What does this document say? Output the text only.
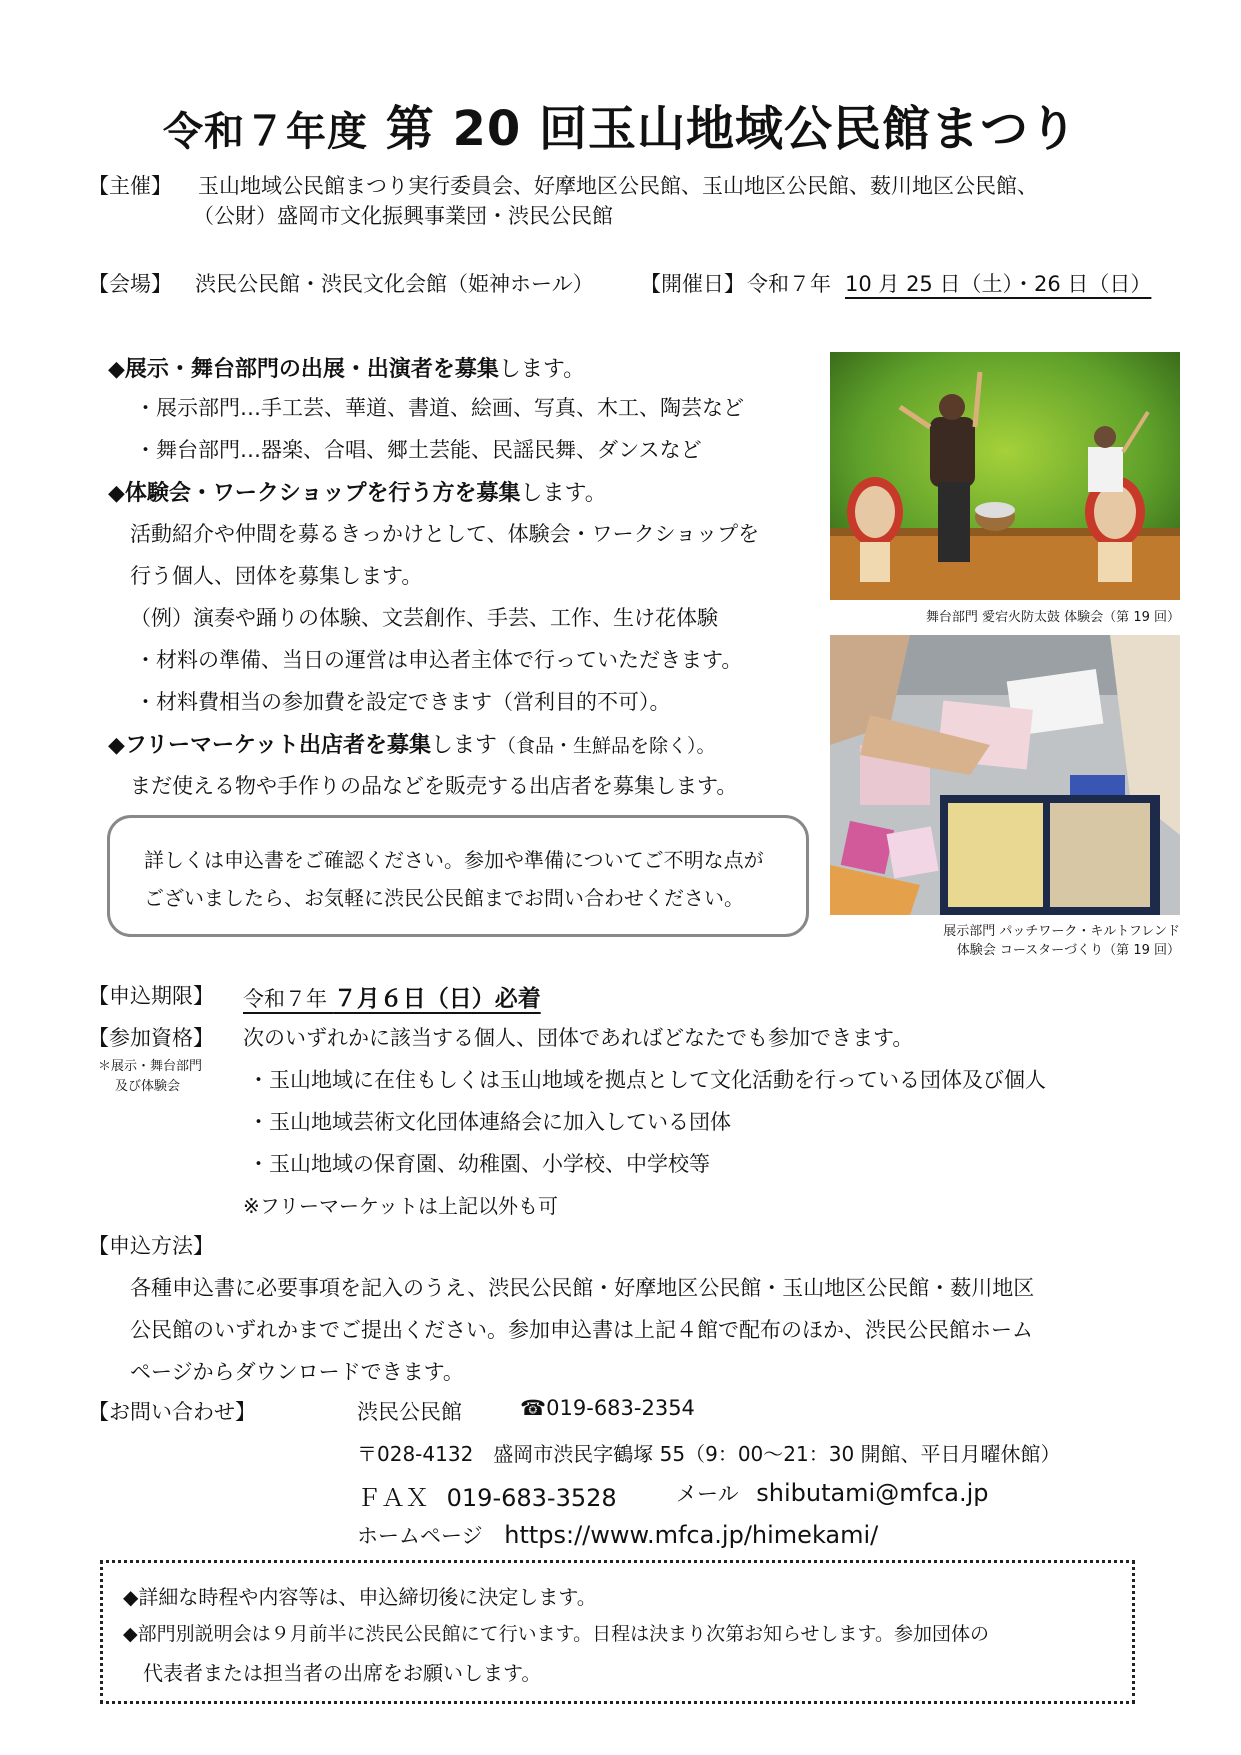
令和７年度 第 20 回玉山地域公民館まつり
【主催】 玉山地域公民館まつり実行委員会、好摩地区公民館、玉山地区公民館、薮川地区公民館、
（公財）盛岡市文化振興事業団・渋民公民館
【会場】 渋民公民館・渋民文化会館（姫神ホール） 【開催日】 令和７年 10 月 25 日（土）・26 日（日）
◆展示・舞台部門の出展・出演者を募集します。
・展示部門…手工芸、華道、書道、絵画、写真、木工、陶芸など
・舞台部門…器楽、合唱、郷土芸能、民謡民舞、ダンスなど
◆体験会・ワークショップを行う方を募集します。
活動紹介や仲間を募るきっかけとして、体験会・ワークショップを
行う個人、団体を募集します。
（例）演奏や踊りの体験、文芸創作、手芸、工作、生け花体験
・材料の準備、当日の運営は申込者主体で行っていただきます。
・材料費相当の参加費を設定できます（営利目的不可）。
◆フリーマーケット出店者を募集します（食品・生鮮品を除く）。
まだ使える物や手作りの品などを販売する出店者を募集します。
詳しくは申込書をご確認ください。参加や準備についてご不明な点が
ございましたら、お気軽に渋民公民館までお問い合わせください。
舞台部門 愛宕火防太鼓 体験会（第 19 回）
展示部門 パッチワーク・キルトフレンド
体験会 コースターづくり（第 19 回）
【申込期限】 令和７年 ７月６日（日）必着
【参加資格】 次のいずれかに該当する個人、団体であればどなたでも参加できます。
＊展示・舞台部門
及び体験会	・玉山地域に在住もしくは玉山地域を拠点として文化活動を行っている団体及び個人
・玉山地域芸術文化団体連絡会に加入している団体
・玉山地域の保育園、幼稚園、小学校、中学校等
※フリーマーケットは上記以外も可
【申込方法】
各種申込書に必要事項を記入のうえ、渋民公民館・好摩地区公民館・玉山地区公民館・薮川地区
公民館のいずれかまでご提出ください。参加申込書は上記４館で配布のほか、渋民公民館ホーム
ページからダウンロードできます。
【お問い合わせ】	渋民公民館	☎019-683-2354
〒028-4132　盛岡市渋民字鶴塚 55（9：00～21：30 開館、平日月曜休館）
ＦＡＸ 019-683-3528	メール shibutami@mfca.jp
ホームページ https://www.mfca.jp/himekami/
◆詳細な時程や内容等は、申込締切後に決定します。
◆部門別説明会は９月前半に渋民公民館にて行います。日程は決まり次第お知らせします。参加団体の
代表者または担当者の出席をお願いします。
